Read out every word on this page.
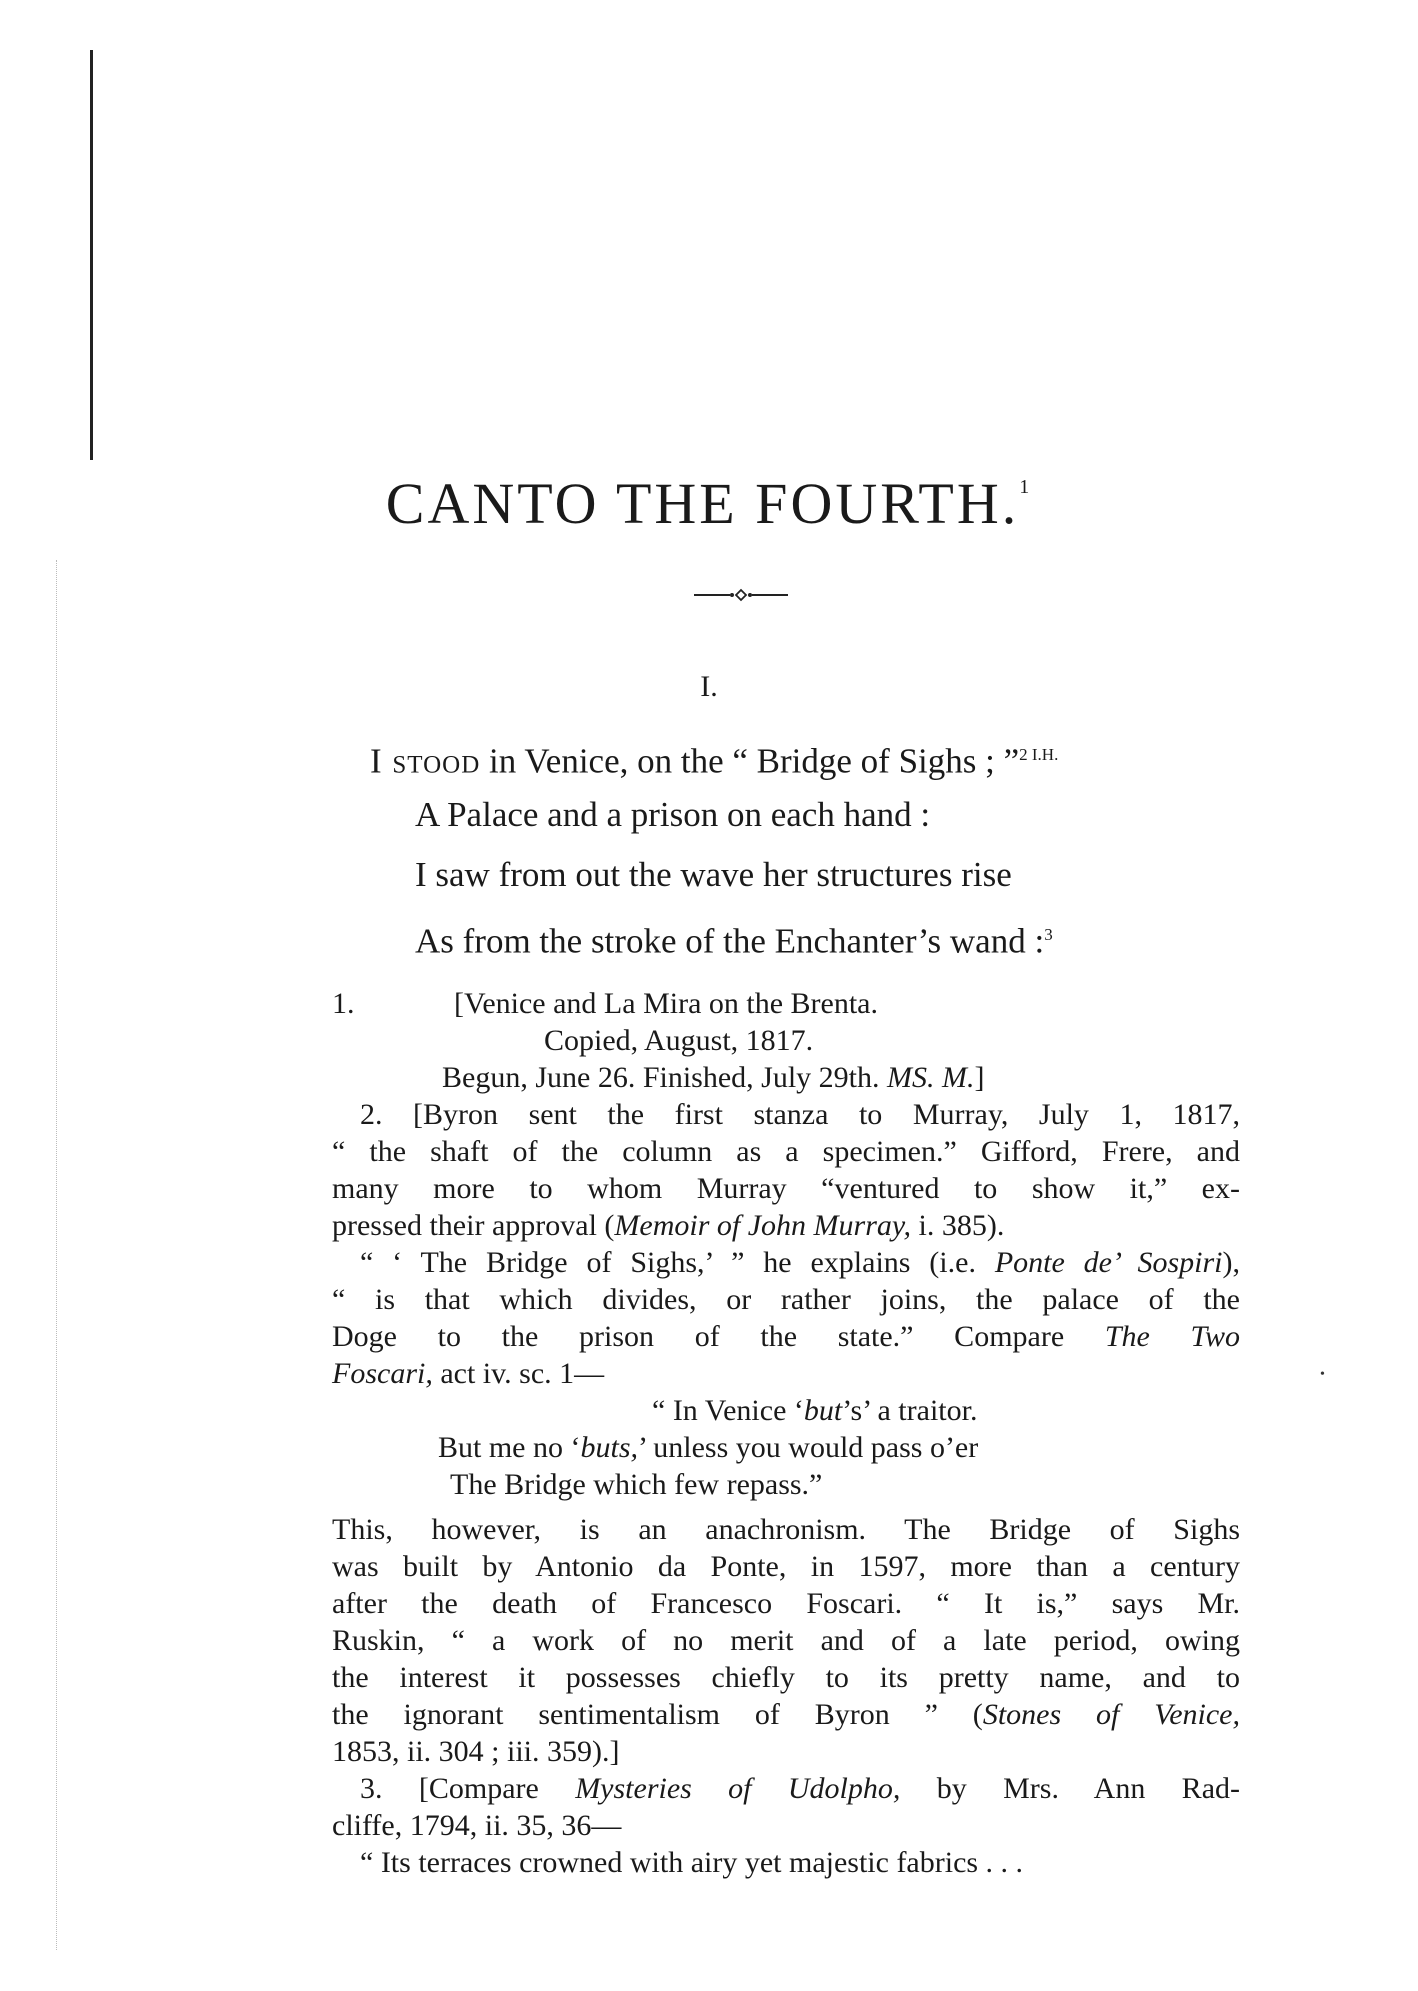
CANTO THE FOURTH.$^1$
I.
I stood in Venice, on the “ Bridge of Sighs ; ”$^{2 I.H.}$
A Palace and a prison on each hand :
I saw from out the wave her structures rise
As from the stroke of the Enchanter’s wand :$^3$

1.	[Venice and La Mira on the Brenta.

Copied, August, 1817.

Begun, June 26. Finished, July 29th. MS. M.]

2. [Byron sent the first stanza to Murray, July 1, 1817,

“ the shaft of the column as a specimen.” Gifford, Frere, and

many more to whom Murray “ventured to show it,” ex-

pressed their approval (Memoir of John Murray, i. 385).

“ ‘ The Bridge of Sighs,’ ” he explains (i.e. Ponte de’ Sospiri),

“ is that which divides, or rather joins, the palace of the

Doge to the prison of the state.” Compare The Two

Foscari, act iv. sc. 1—

“ In Venice ‘but’s’ a traitor.

But me no ‘buts,’ unless you would pass o’er

The Bridge which few repass.”

This, however, is an anachronism. The Bridge of Sighs

was built by Antonio da Ponte, in 1597, more than a century

after the death of Francesco Foscari. “ It is,” says Mr.

Ruskin, “ a work of no merit and of a late period, owing

the interest it possesses chiefly to its pretty name, and to

the ignorant sentimentalism of Byron ” (Stones of Venice,

1853, ii. 304 ; iii. 359).]

3. [Compare Mysteries of Udolpho, by Mrs. Ann Rad-

cliffe, 1794, ii. 35, 36—

“ Its terraces crowned with airy yet majestic fabrics . . .

•
